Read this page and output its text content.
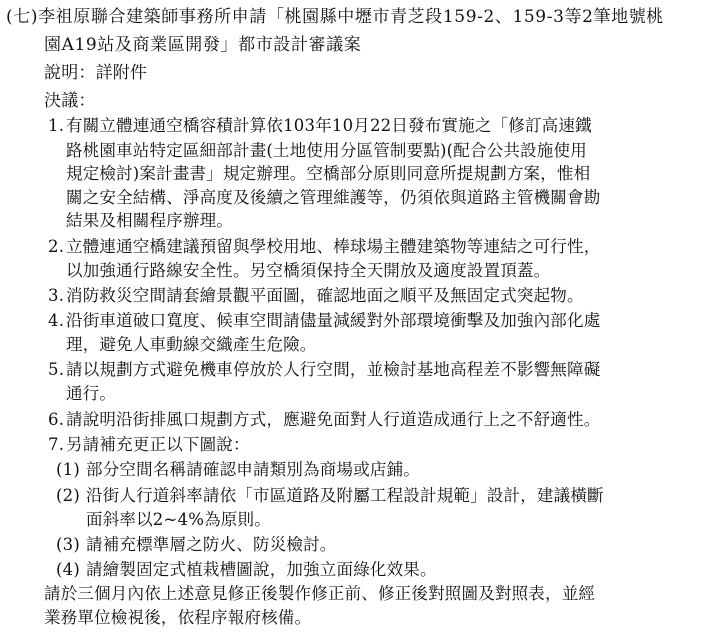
(七)李祖原聯合建築師事務所申請「桃園縣中壢市青芝段159-2、159-3等2筆地號桃
園A19站及商業區開發」都市設計審議案
說明：詳附件
決議：
1. 有關立體連通空橋容積計算依103年10月22日發布實施之「修訂高速鐵
路桃園車站特定區細部計畫(土地使用分區管制要點)(配合公共設施使用
規定檢討)案計畫書」規定辦理。空橋部分原則同意所提規劃方案，惟相
關之安全結構、淨高度及後續之管理維護等，仍須依與道路主管機關會勘
結果及相關程序辦理。
2. 立體連通空橋建議預留與學校用地、棒球場主體建築物等連結之可行性，
以加強通行路線安全性。另空橋須保持全天開放及適度設置頂蓋。
3. 消防救災空間請套繪景觀平面圖，確認地面之順平及無固定式突起物。
4. 沿街車道破口寬度、候車空間請儘量減緩對外部環境衝擊及加強內部化處
理，避免人車動線交織產生危險。
5. 請以規劃方式避免機車停放於人行空間，並檢討基地高程差不影響無障礙
通行。
6. 請說明沿街排風口規劃方式，應避免面對人行道造成通行上之不舒適性。
7. 另請補充更正以下圖說：
(1) 部分空間名稱請確認申請類別為商場或店鋪。
(2) 沿街人行道斜率請依「市區道路及附屬工程設計規範」設計，建議橫斷
面斜率以2~4%為原則。
(3) 請補充標準層之防火、防災檢討。
(4) 請繪製固定式植栽槽圖說，加強立面綠化效果。
請於三個月內依上述意見修正後製作修正前、修正後對照圖及對照表，並經
業務單位檢視後，依程序報府核備。
